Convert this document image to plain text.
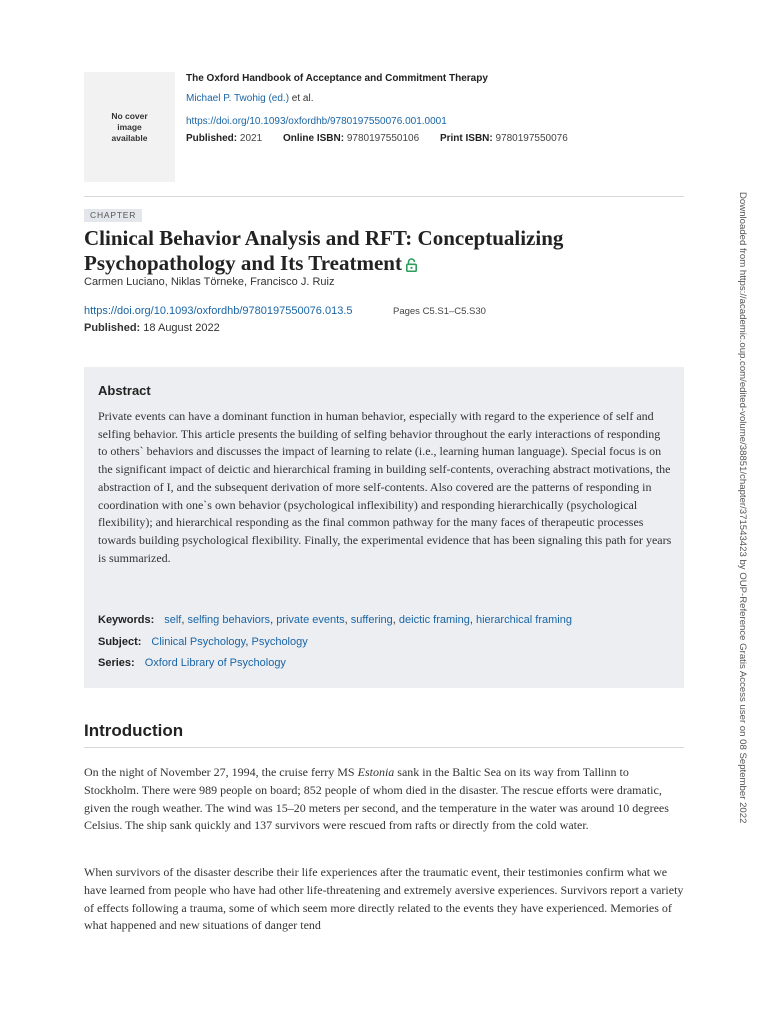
No cover image available
The Oxford Handbook of Acceptance and Commitment Therapy
Michael P. Twohig (ed.) et al.
https://doi.org/10.1093/oxfordhb/9780197550076.001.0001
Published: 2021 Online ISBN: 9780197550106 Print ISBN: 9780197550076
CHAPTER
Clinical Behavior Analysis and RFT: Conceptualizing Psychopathology and Its Treatment
Carmen Luciano, Niklas Törneke, Francisco J. Ruiz
https://doi.org/10.1093/oxfordhb/9780197550076.013.5	Pages C5.S1–C5.S30
Published: 18 August 2022
Abstract

Private events can have a dominant function in human behavior, especially with regard to the experience of self and selfing behavior. This article presents the building of selfing behavior throughout the early interactions of responding to others` behaviors and discusses the impact of learning to relate (i.e., learning human language). Special focus is on the significant impact of deictic and hierarchical framing in building self-contents, overaching abstract motivations, the abstraction of I, and the subsequent derivation of more self-contents. Also covered are the patterns of responding in coordination with one`s own behavior (psychological inflexibility) and responding hierarchically (psychological flexibility); and hierarchical responding as the final common pathway for the many faces of therapeutic processes towards building psychological flexibility. Finally, the experimental evidence that has been signaling this path for years is summarized.

Keywords: self, selfing behaviors, private events, suffering, deictic framing, hierarchical framing
Subject: Clinical Psychology, Psychology
Series: Oxford Library of Psychology
Introduction

On the night of November 27, 1994, the cruise ferry MS Estonia sank in the Baltic Sea on its way from Tallinn to Stockholm. There were 989 people on board; 852 people of whom died in the disaster. The rescue efforts were dramatic, given the rough weather. The wind was 15–20 meters per second, and the temperature in the water was around 10 degrees Celsius. The ship sank quickly and 137 survivors were rescued from rafts or directly from the cold water.

When survivors of the disaster describe their life experiences after the traumatic event, their testimonies confirm what we have learned from people who have had other life-threatening and extremely aversive experiences. Survivors report a variety of effects following a trauma, some of which seem more directly related to the events they have experienced. Memories of what happened and new situations of danger tend

Downloaded from https://academic.oup.com/edited-volume/38851/chapter/371543423 by OUP-Reference Gratis Access user on 08 September 2022
